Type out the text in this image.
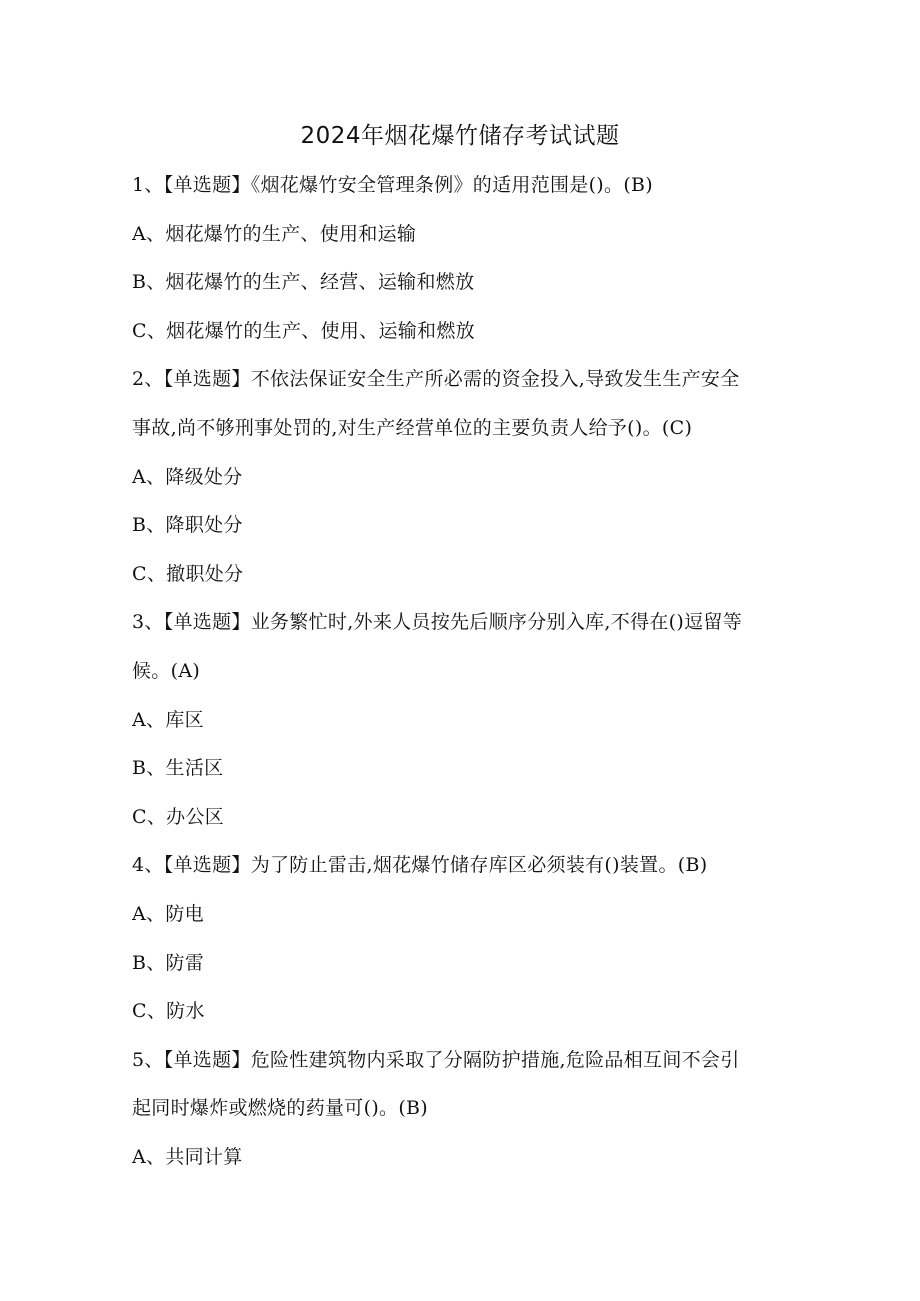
2024年烟花爆竹储存考试试题
1、【单选题】《烟花爆竹安全管理条例》的适用范围是()。(B)
A、烟花爆竹的生产、使用和运输
B、烟花爆竹的生产、经营、运输和燃放
C、烟花爆竹的生产、使用、运输和燃放
2、【单选题】不依法保证安全生产所必需的资金投入,导致发生生产安全
事故,尚不够刑事处罚的,对生产经营单位的主要负责人给予()。(C)
A、降级处分
B、降职处分
C、撤职处分
3、【单选题】业务繁忙时,外来人员按先后顺序分别入库,不得在()逗留等
候。(A)
A、库区
B、生活区
C、办公区
4、【单选题】为了防止雷击,烟花爆竹储存库区必须装有()装置。(B)
A、防电
B、防雷
C、防水
5、【单选题】危险性建筑物内采取了分隔防护措施,危险品相互间不会引
起同时爆炸或燃烧的药量可()。(B)
A、共同计算
